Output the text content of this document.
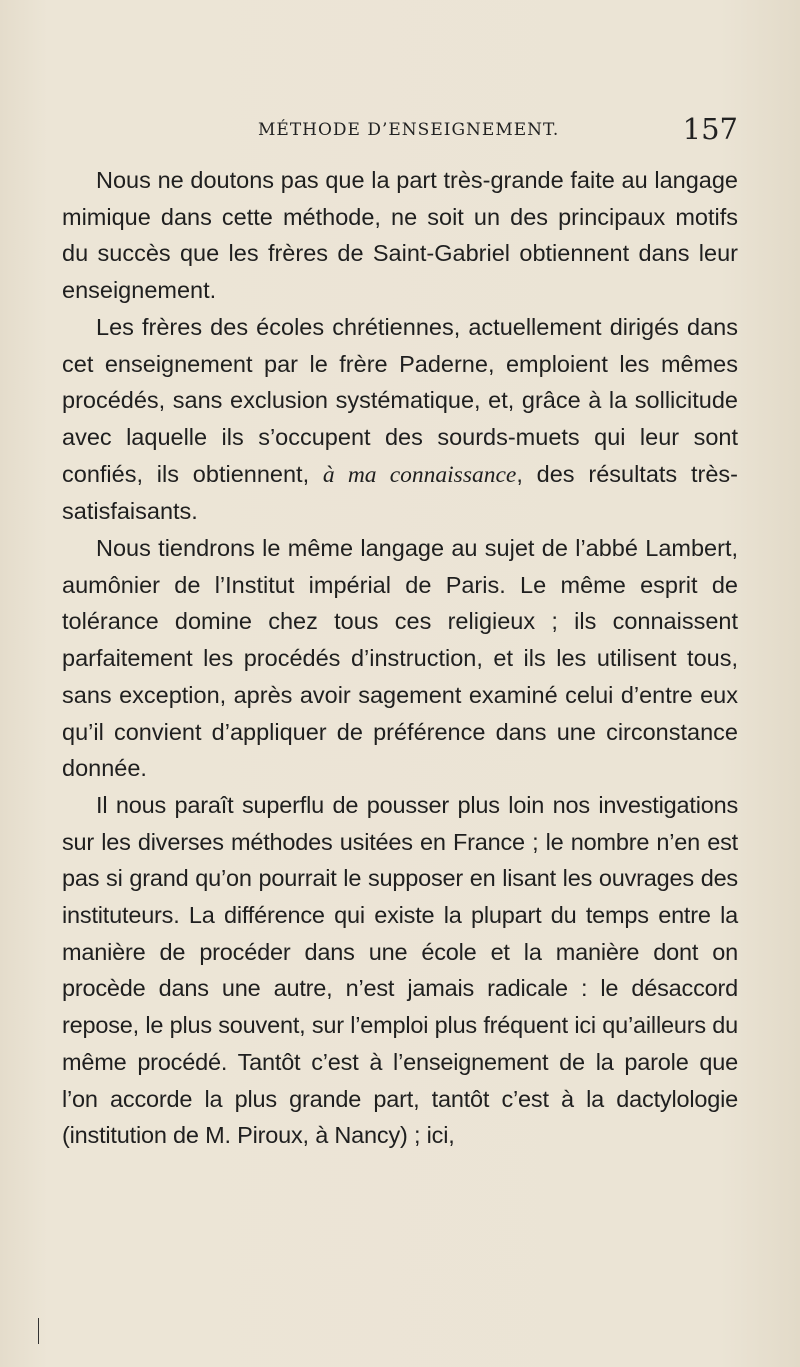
MÉTHODE D’ENSEIGNEMENT.	157

Nous ne doutons pas que la part très-grande faite au langage mimique dans cette méthode, ne soit un des principaux motifs du succès que les frères de Saint-Gabriel obtiennent dans leur enseignement.

Les frères des écoles chrétiennes, actuellement dirigés dans cet enseignement par le frère Paderne, emploient les mêmes procédés, sans exclusion systématique, et, grâce à la sollicitude avec laquelle ils s’occupent des sourds-muets qui leur sont confiés, ils obtiennent, à ma connaissance, des résultats très-satisfaisants.

Nous tiendrons le même langage au sujet de l’abbé Lambert, aumônier de l’Institut impérial de Paris. Le même esprit de tolérance domine chez tous ces religieux ; ils connaissent parfaitement les procédés d’instruction, et ils les utilisent tous, sans exception, après avoir sagement examiné celui d’entre eux qu’il convient d’appliquer de préférence dans une circonstance donnée.

Il nous paraît superflu de pousser plus loin nos investigations sur les diverses méthodes usitées en France ; le nombre n’en est pas si grand qu’on pourrait le supposer en lisant les ouvrages des instituteurs. La différence qui existe la plupart du temps entre la manière de procéder dans une école et la manière dont on procède dans une autre, n’est jamais radicale : le désaccord repose, le plus souvent, sur l’emploi plus fréquent ici qu’ailleurs du même procédé. Tantôt c’est à l’enseignement de la parole que l’on accorde la plus grande part, tantôt c’est à la dactylologie (institution de M. Piroux, à Nancy) ; ici,
